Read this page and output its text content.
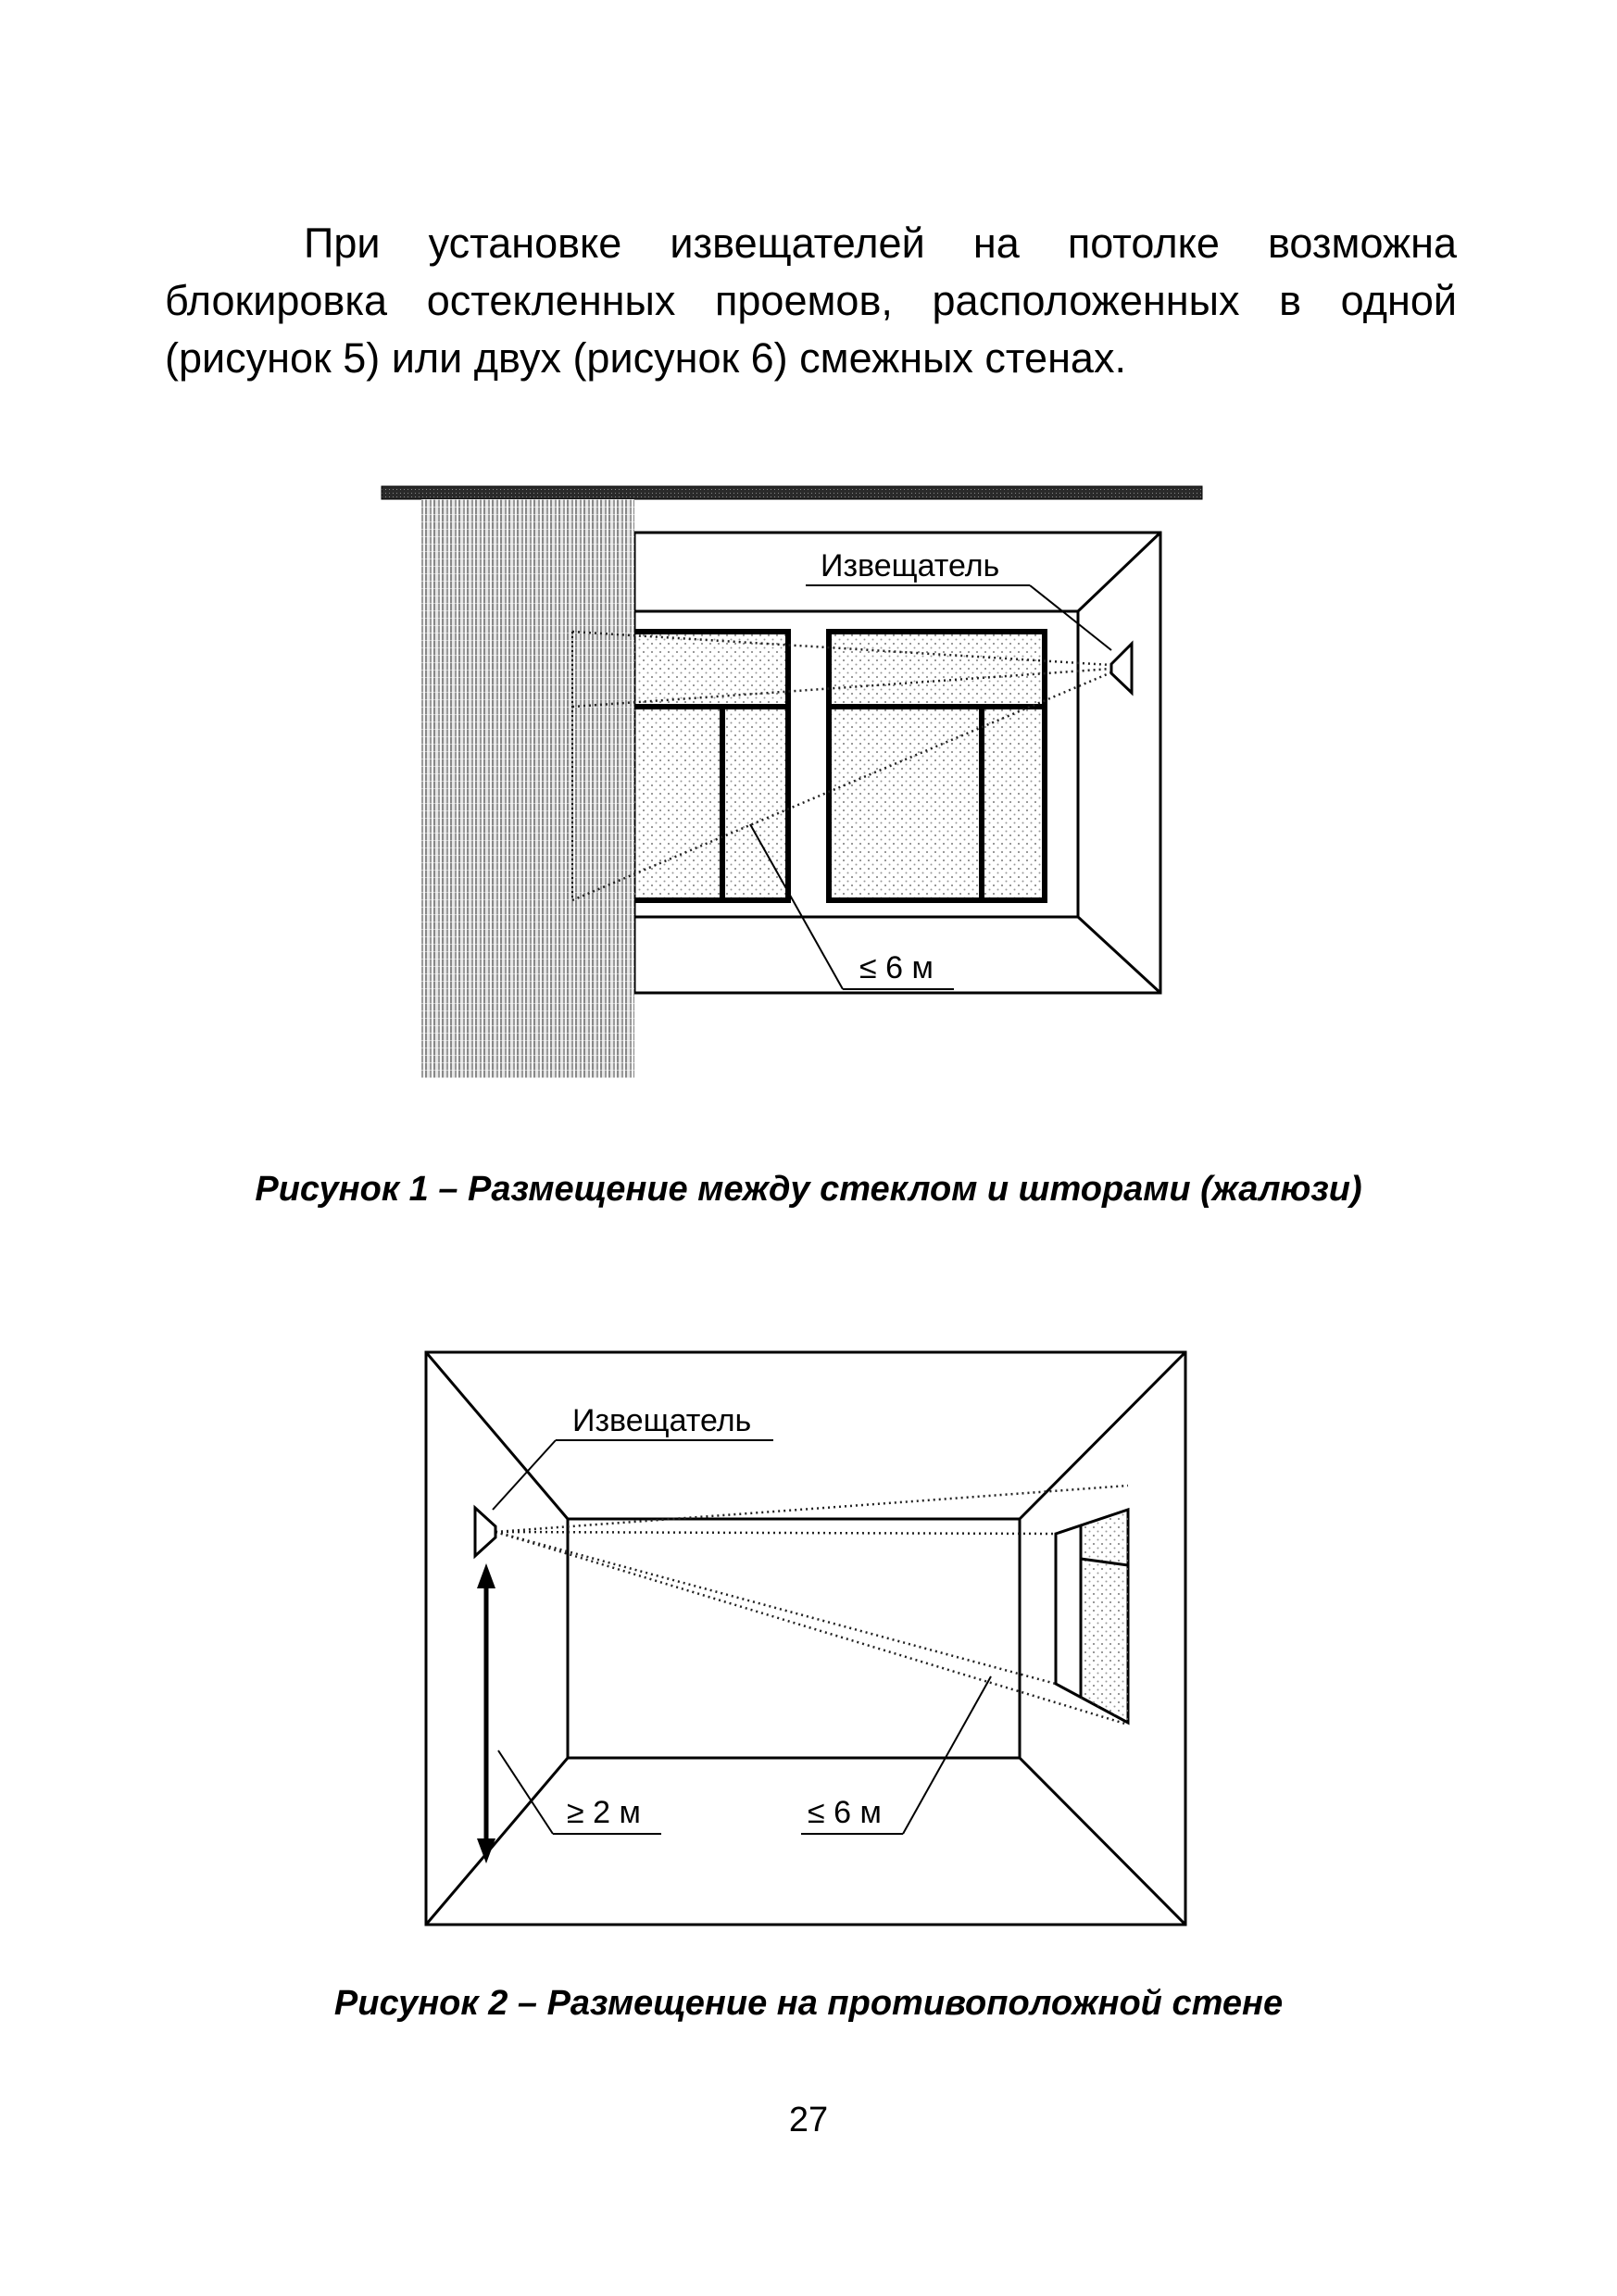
При установке извещателей на потолке возможна
блокировка остекленных проемов, расположенных в одной
(рисунок 5) или двух (рисунок 6) смежных стенах.
Извещатель
≤ 6 м
Рисунок 1 – Размещение между стеклом и шторами (жалюзи)
Извещатель
≥ 2 м	≤ 6 м
Рисунок 2 – Размещение на противоположной стене
27
